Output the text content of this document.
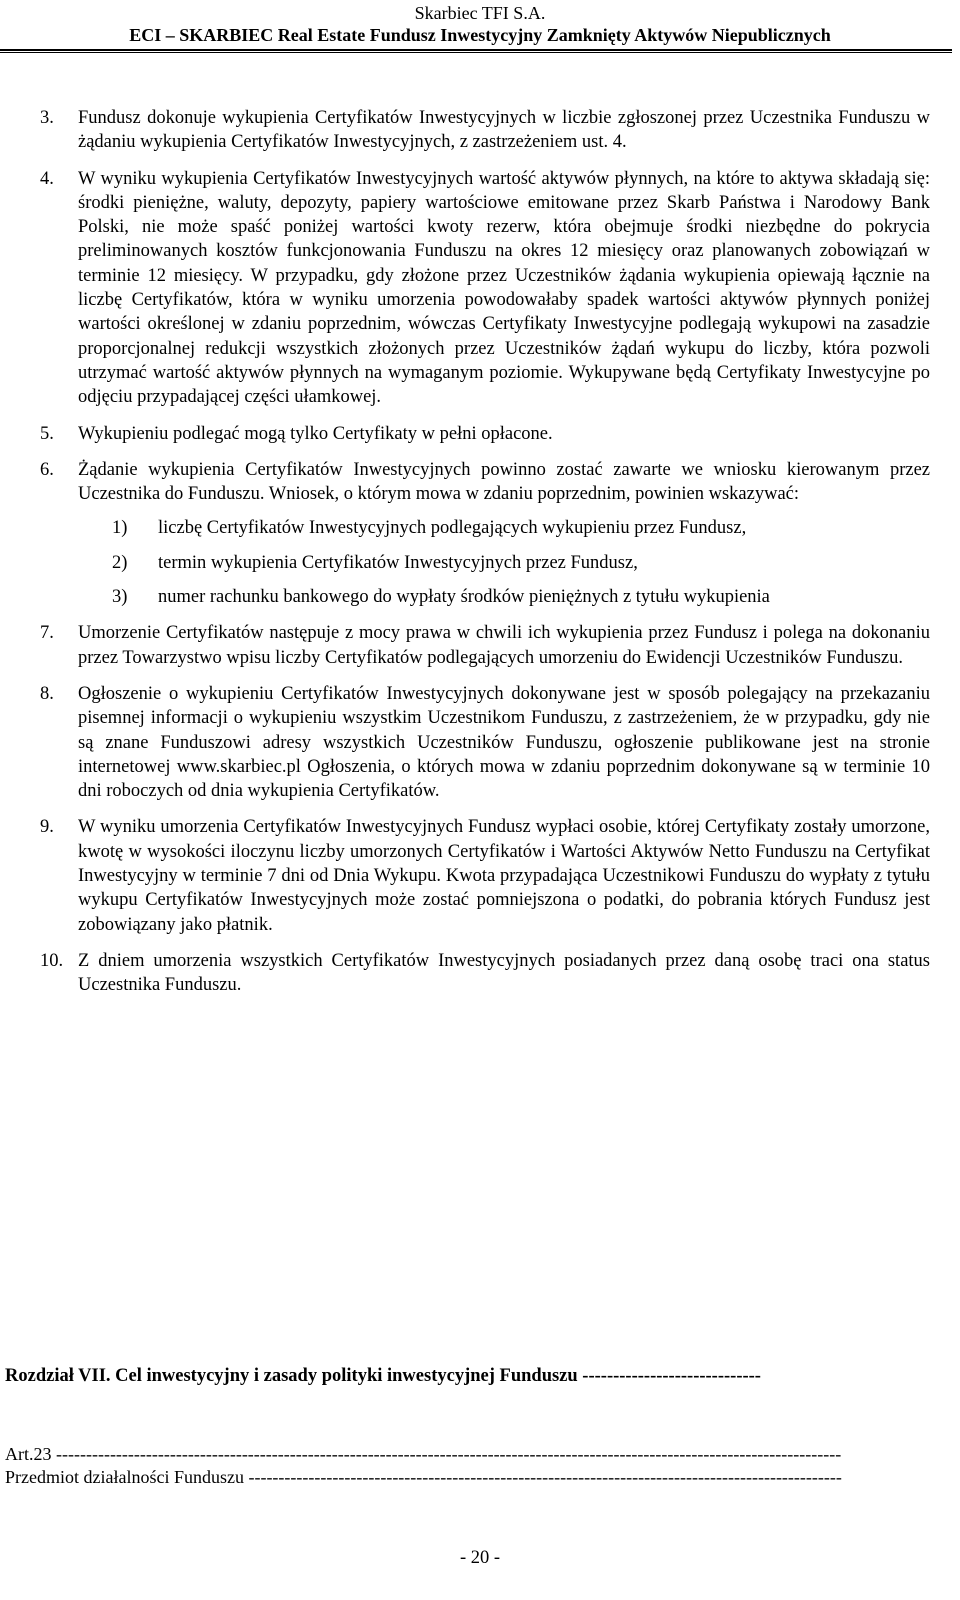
Skarbiec TFI S.A.
ECI – SKARBIEC Real Estate Fundusz Inwestycyjny Zamknięty Aktywów Niepublicznych
3.	Fundusz dokonuje wykupienia Certyfikatów Inwestycyjnych w liczbie zgłoszonej przez Uczestnika Funduszu w żądaniu wykupienia Certyfikatów Inwestycyjnych, z zastrzeżeniem ust. 4.
4.	W wyniku wykupienia Certyfikatów Inwestycyjnych wartość aktywów płynnych, na które to aktywa składają się: środki pieniężne, waluty, depozyty, papiery wartościowe emitowane przez Skarb Państwa i Narodowy Bank Polski, nie może spaść poniżej wartości kwoty rezerw, która obejmuje środki niezbędne do pokrycia preliminowanych kosztów funkcjonowania Funduszu na okres 12 miesięcy oraz planowanych zobowiązań w terminie 12 miesięcy. W przypadku, gdy złożone przez Uczestników żądania wykupienia opiewają łącznie na liczbę Certyfikatów, która w wyniku umorzenia powodowałaby spadek wartości aktywów płynnych poniżej wartości określonej w zdaniu poprzednim, wówczas Certyfikaty Inwestycyjne podlegają wykupowi na zasadzie proporcjonalnej redukcji wszystkich złożonych przez Uczestników żądań wykupu do liczby, która pozwoli utrzymać wartość aktywów płynnych na wymaganym poziomie. Wykupywane będą Certyfikaty Inwestycyjne po odjęciu przypadającej części ułamkowej.
5.	Wykupieniu podlegać mogą tylko Certyfikaty w pełni opłacone.
6.	Żądanie wykupienia Certyfikatów Inwestycyjnych powinno zostać zawarte we wniosku kierowanym przez Uczestnika do Funduszu. Wniosek, o którym mowa w zdaniu poprzednim, powinien wskazywać:
1)	liczbę Certyfikatów Inwestycyjnych podlegających wykupieniu przez Fundusz,
2)	termin wykupienia Certyfikatów Inwestycyjnych przez Fundusz,
3)	numer rachunku bankowego do wypłaty środków pieniężnych z tytułu wykupienia
7.	Umorzenie Certyfikatów następuje z mocy prawa w chwili ich wykupienia przez Fundusz i polega na dokonaniu przez Towarzystwo wpisu liczby Certyfikatów podlegających umorzeniu do Ewidencji Uczestników Funduszu.
8.	Ogłoszenie o wykupieniu Certyfikatów Inwestycyjnych dokonywane jest w sposób polegający na przekazaniu pisemnej informacji o wykupieniu wszystkim Uczestnikom Funduszu, z zastrzeżeniem, że w przypadku, gdy nie są znane Funduszowi adresy wszystkich Uczestników Funduszu, ogłoszenie publikowane jest na stronie internetowej www.skarbiec.pl Ogłoszenia, o których mowa w zdaniu poprzednim dokonywane są w terminie 10 dni roboczych od dnia wykupienia Certyfikatów.
9.	W wyniku umorzenia Certyfikatów Inwestycyjnych Fundusz wypłaci osobie, której Certyfikaty zostały umorzone, kwotę w wysokości iloczynu liczby umorzonych Certyfikatów i Wartości Aktywów Netto Funduszu na Certyfikat Inwestycyjny w terminie 7 dni od Dnia Wykupu. Kwota przypadająca Uczestnikowi Funduszu do wypłaty z tytułu wykupu Certyfikatów Inwestycyjnych może zostać pomniejszona o podatki, do pobrania których Fundusz jest zobowiązany jako płatnik.
10. Z dniem umorzenia wszystkich Certyfikatów Inwestycyjnych posiadanych przez daną osobę traci ona status Uczestnika Funduszu.
Rozdział VII. Cel inwestycyjny i zasady polityki inwestycyjnej Funduszu -----------------------------
Art.23 -----------------------------------------------------------------------------------------------------------------------------------
Przedmiot działalności Funduszu ---------------------------------------------------------------------------------------------------
- 20 -
